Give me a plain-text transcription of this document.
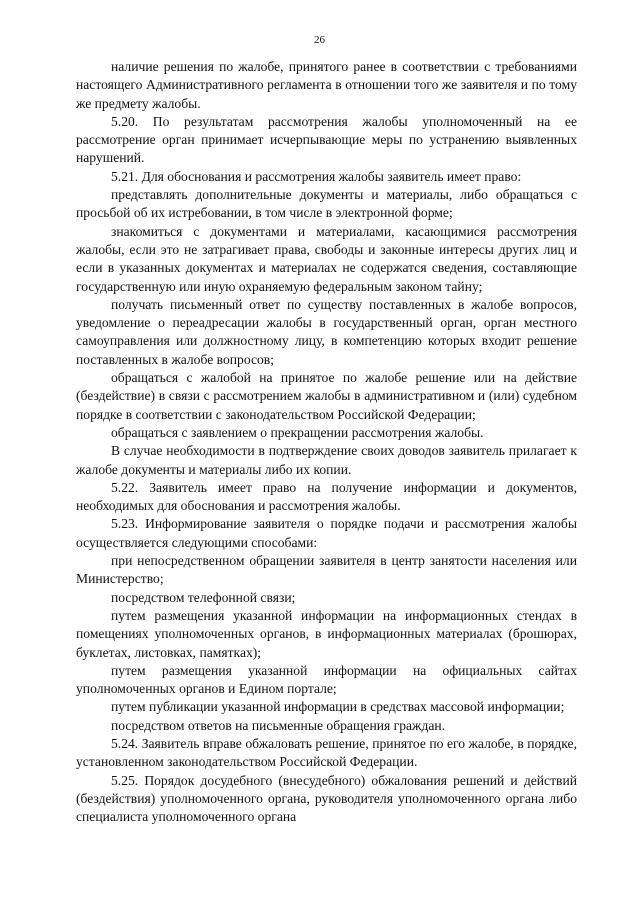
26

наличие решения по жалобе, принятого ранее в соответствии с требованиями настоящего Административного регламента в отношении того же заявителя и по тому же предмету жалобы.

5.20. По результатам рассмотрения жалобы уполномоченный на ее рассмотрение орган принимает исчерпывающие меры по устранению выявленных нарушений.

5.21. Для обоснования и рассмотрения жалобы заявитель имеет право:

представлять дополнительные документы и материалы, либо обращаться с просьбой об их истребовании, в том числе в электронной форме;

знакомиться с документами и материалами, касающимися рассмотрения жалобы, если это не затрагивает права, свободы и законные интересы других лиц и если в указанных документах и материалах не содержатся сведения, составляющие государственную или иную охраняемую федеральным законом тайну;

получать письменный ответ по существу поставленных в жалобе вопросов, уведомление о переадресации жалобы в государственный орган, орган местного самоуправления или должностному лицу, в компетенцию которых входит решение поставленных в жалобе вопросов;

обращаться с жалобой на принятое по жалобе решение или на действие (бездействие) в связи с рассмотрением жалобы в административном и (или) судебном порядке в соответствии с законодательством Российской Федерации;

обращаться с заявлением о прекращении рассмотрения жалобы.

В случае необходимости в подтверждение своих доводов заявитель прилагает к жалобе документы и материалы либо их копии.

5.22. Заявитель имеет право на получение информации и документов, необходимых для обоснования и рассмотрения жалобы.

5.23. Информирование заявителя о порядке подачи и рассмотрения жалобы осуществляется следующими способами:

при непосредственном обращении заявителя в центр занятости населения или Министерство;

посредством телефонной связи;

путем размещения указанной информации на информационных стендах в помещениях уполномоченных органов, в информационных материалах (брошюрах, буклетах, листовках, памятках);

путем размещения указанной информации на официальных сайтах уполномоченных органов и Едином портале;

путем публикации указанной информации в средствах массовой информации;

посредством ответов на письменные обращения граждан.

5.24. Заявитель вправе обжаловать решение, принятое по его жалобе, в порядке, установленном законодательством Российской Федерации.

5.25. Порядок досудебного (внесудебного) обжалования решений и действий (бездействия) уполномоченного органа, руководителя уполномоченного органа либо специалиста уполномоченного органа
